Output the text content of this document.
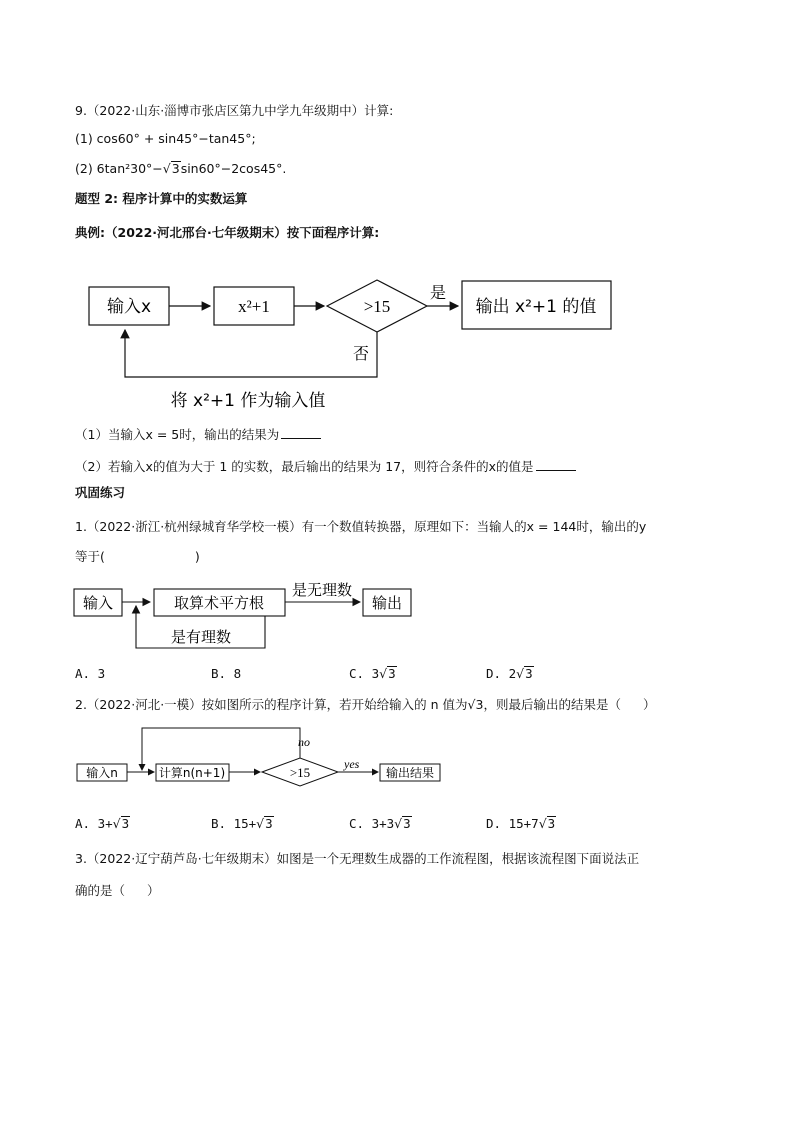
9.（2022·山东·淄博市张店区第九中学九年级期中）计算:
(1) cos60° + sin45°−tan45°;
(2) 6tan²30°−√3sin60°−2cos45°.
题型 2: 程序计算中的实数运算
典例:（2022·河北邢台·七年级期末）按下面程序计算:
输入x	x²+1	>15
是
输出 x²+1 的值
否
将 x²+1 作为输入值
（1）当输入x = 5时，输出的结果为
（2）若输入x的值为大于 1 的实数，最后输出的结果为 17，则符合条件的x的值是
巩固练习
1.（2022·浙江·杭州绿城育华学校一模）有一个数值转换器，原理如下：当输人的x = 144时，输出的y
等于(	)
输入	取算术平方根
是无理数
输出
是有理数
A. 3	B. 8	C. 3√3	D. 2√3
2.（2022·河北·一模）按如图所示的程序计算，若开始给输入的 n 值为√3，则最后输出的结果是（ ）
输入n	计算n(n+1)	>15
no
yes
输出结果
A. 3+√3	B. 15+√3	C. 3+3√3	D. 15+7√3
3.（2022·辽宁葫芦岛·七年级期末）如图是一个无理数生成器的工作流程图，根据该流程图下面说法正
确的是（ ）
